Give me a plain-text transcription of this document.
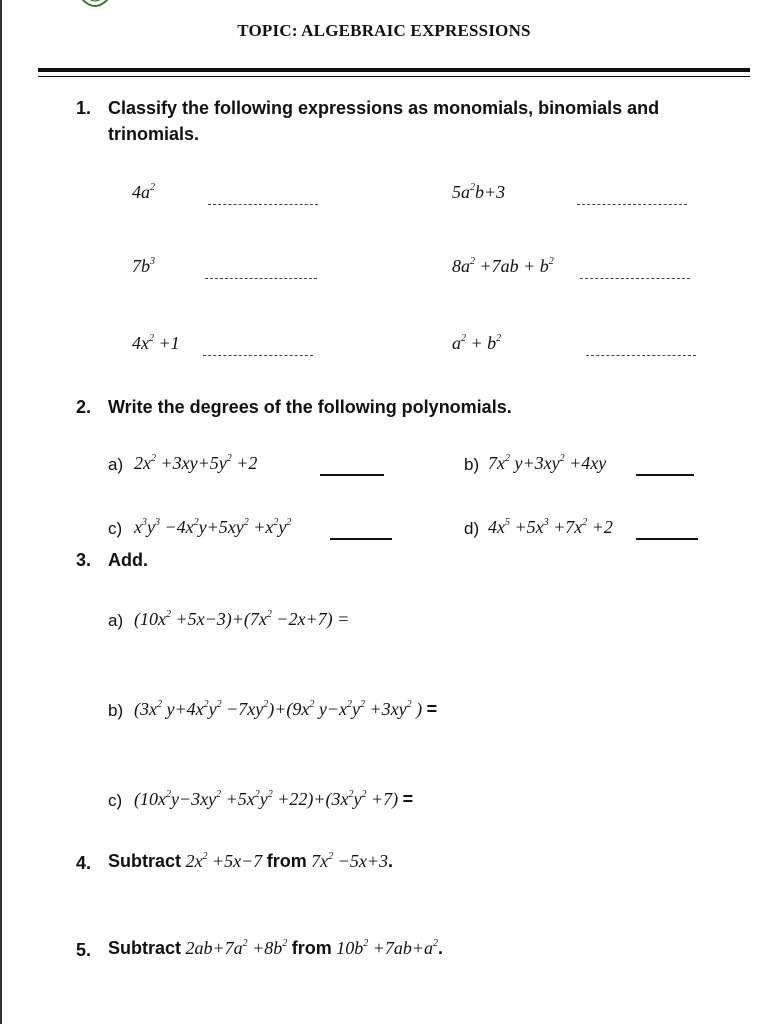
TOPIC: ALGEBRAIC EXPRESSIONS
1. Classify the following expressions as monomials, binomials and
trinomials.
$4a^2$	$5a^2b+3$
$7b^3$	$8a^2 +7ab + b^2$
$4x^2 +1$	$a^2 + b^2$
2. Write the degrees of the following polynomials.
a) $2x^2 +3xy+5y^2 +2$	b) $7x^2$ $y+3xy^2 +4xy$
c) $x^3y^3 -4x^2y+5xy^2 +x^2y^2$	d) $4x^5 +5x^3 +7x^2 +2$
3. Add.
a) $(10x^2 +5x-3)+(7x^2 -2x+7)$ =
b) ($3x^2$ $y+4x^2y^2 -7xy^2)+(9x^2$ $y-x^2y^2 +3xy^2$ ) =
c) $(10x^2y-3xy^2 +5x^2y^2 +22)+(3x^2y^2 +7)$ =
4. Subtract $2x^2 +5x-7$ from $7x^2 -5x+3$.
5. Subtract $2ab+7a^2 +8b^2$ from $10b^2 +7ab+a^2$.
